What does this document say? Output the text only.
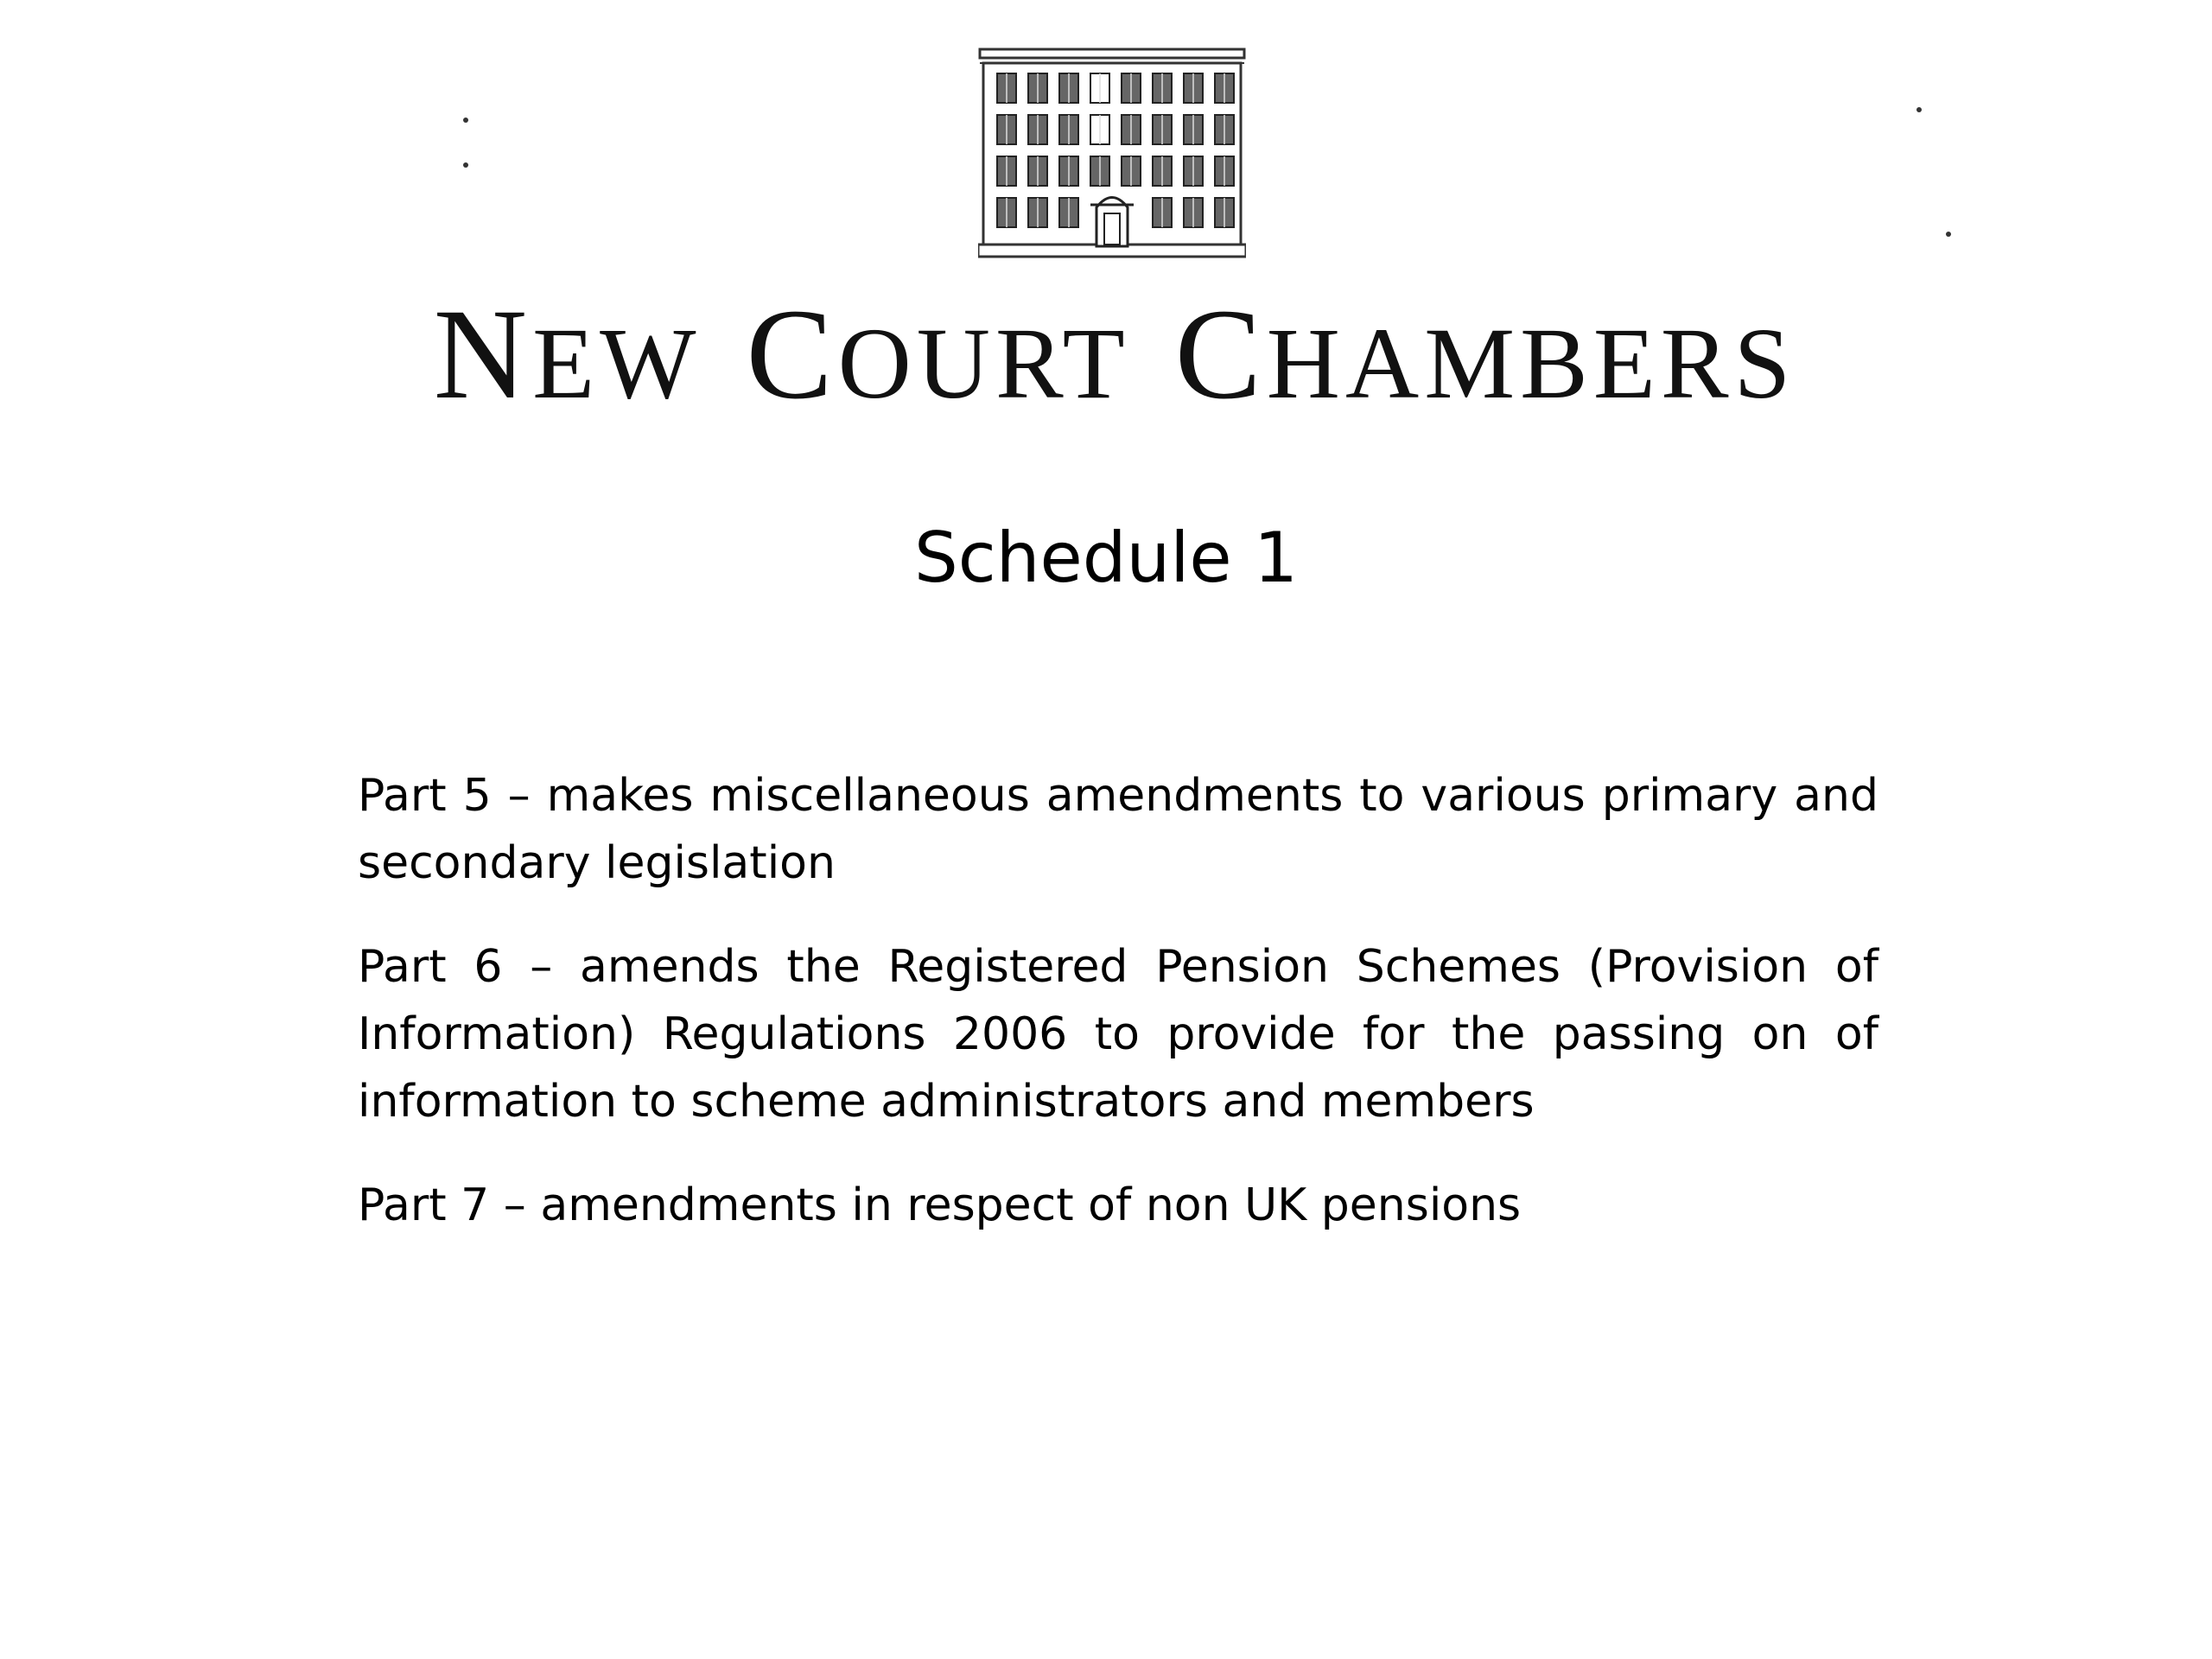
NEW COURT CHAMBERS
Schedule 1

Part 5 – makes miscellaneous amendments to various primary and secondary legislation

Part 6 – amends the Registered Pension Schemes (Provision of Information) Regulations 2006 to provide for the passing on of information to scheme administrators and members

Part 7 – amendments in respect of non UK pensions
